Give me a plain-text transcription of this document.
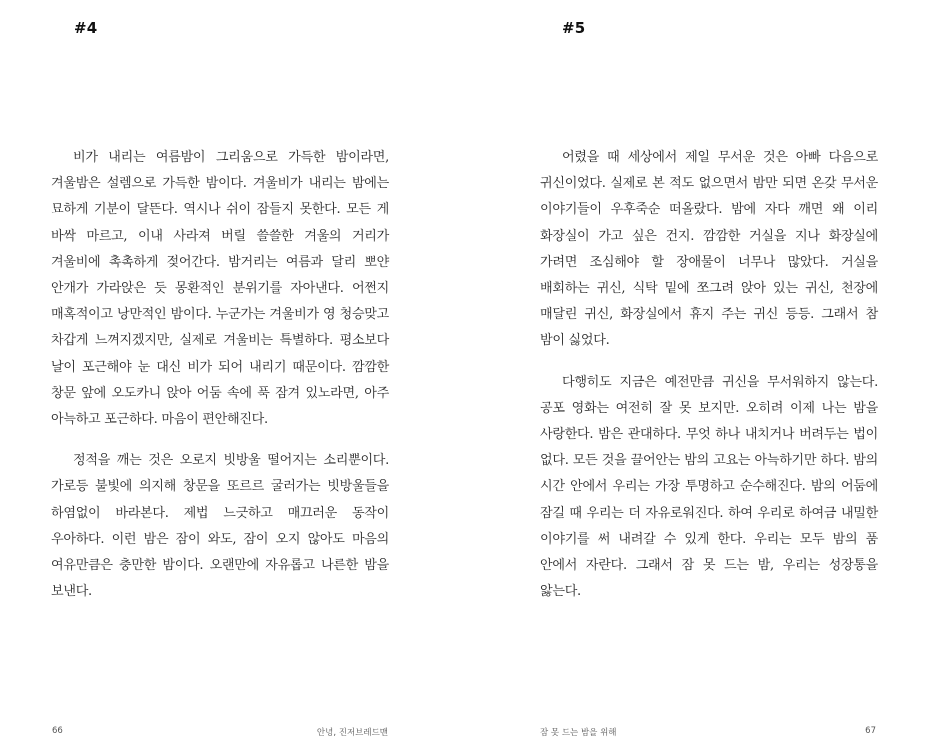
#4

비가 내리는 여름밤이 그리움으로 가득한 밤이라면, 겨울밤은 설렘으로 가득한 밤이다. 겨울비가 내리는 밤에는 묘하게 기분이 달뜬다. 역시나 쉬이 잠들지 못한다. 모든 게 바싹 마르고, 이내 사라져 버릴 쓸쓸한 겨울의 거리가 겨울비에 촉촉하게 젖어간다. 밤거리는 여름과 달리 뽀얀 안개가 가라앉은 듯 몽환적인 분위기를 자아낸다. 어쩐지 매혹적이고 낭만적인 밤이다. 누군가는 겨울비가 영 청승맞고 차갑게 느껴지겠지만, 실제로 겨울비는 특별하다. 평소보다 날이 포근해야 눈 대신 비가 되어 내리기 때문이다. 깜깜한 창문 앞에 오도카니 앉아 어둠 속에 푹 잠겨 있노라면, 아주 아늑하고 포근하다. 마음이 편안해진다.

정적을 깨는 것은 오로지 빗방울 떨어지는 소리뿐이다. 가로등 불빛에 의지해 창문을 또르르 굴러가는 빗방울들을 하염없이 바라본다. 제법 느긋하고 매끄러운 동작이 우아하다. 이런 밤은 잠이 와도, 잠이 오지 않아도 마음의 여유만큼은 충만한 밤이다. 오랜만에 자유롭고 나른한 밤을 보낸다.

66	안녕, 진저브레드맨
#5

어렸을 때 세상에서 제일 무서운 것은 아빠 다음으로 귀신이었다. 실제로 본 적도 없으면서 밤만 되면 온갖 무서운 이야기들이 우후죽순 떠올랐다. 밤에 자다 깨면 왜 이리 화장실이 가고 싶은 건지. 깜깜한 거실을 지나 화장실에 가려면 조심해야 할 장애물이 너무나 많았다. 거실을 배회하는 귀신, 식탁 밑에 쪼그려 앉아 있는 귀신, 천장에 매달린 귀신, 화장실에서 휴지 주는 귀신 등등. 그래서 참 밤이 싫었다.

다행히도 지금은 예전만큼 귀신을 무서워하지 않는다. 공포 영화는 여전히 잘 못 보지만. 오히려 이제 나는 밤을 사랑한다. 밤은 관대하다. 무엇 하나 내치거나 버려두는 법이 없다. 모든 것을 끌어안는 밤의 고요는 아늑하기만 하다. 밤의 시간 안에서 우리는 가장 투명하고 순수해진다. 밤의 어둠에 잠길 때 우리는 더 자유로워진다. 하여 우리로 하여금 내밀한 이야기를 써 내려갈 수 있게 한다. 우리는 모두 밤의 품 안에서 자란다. 그래서 잠 못 드는 밤, 우리는 성장통을 앓는다.

잠 못 드는 밤을 위해	67
